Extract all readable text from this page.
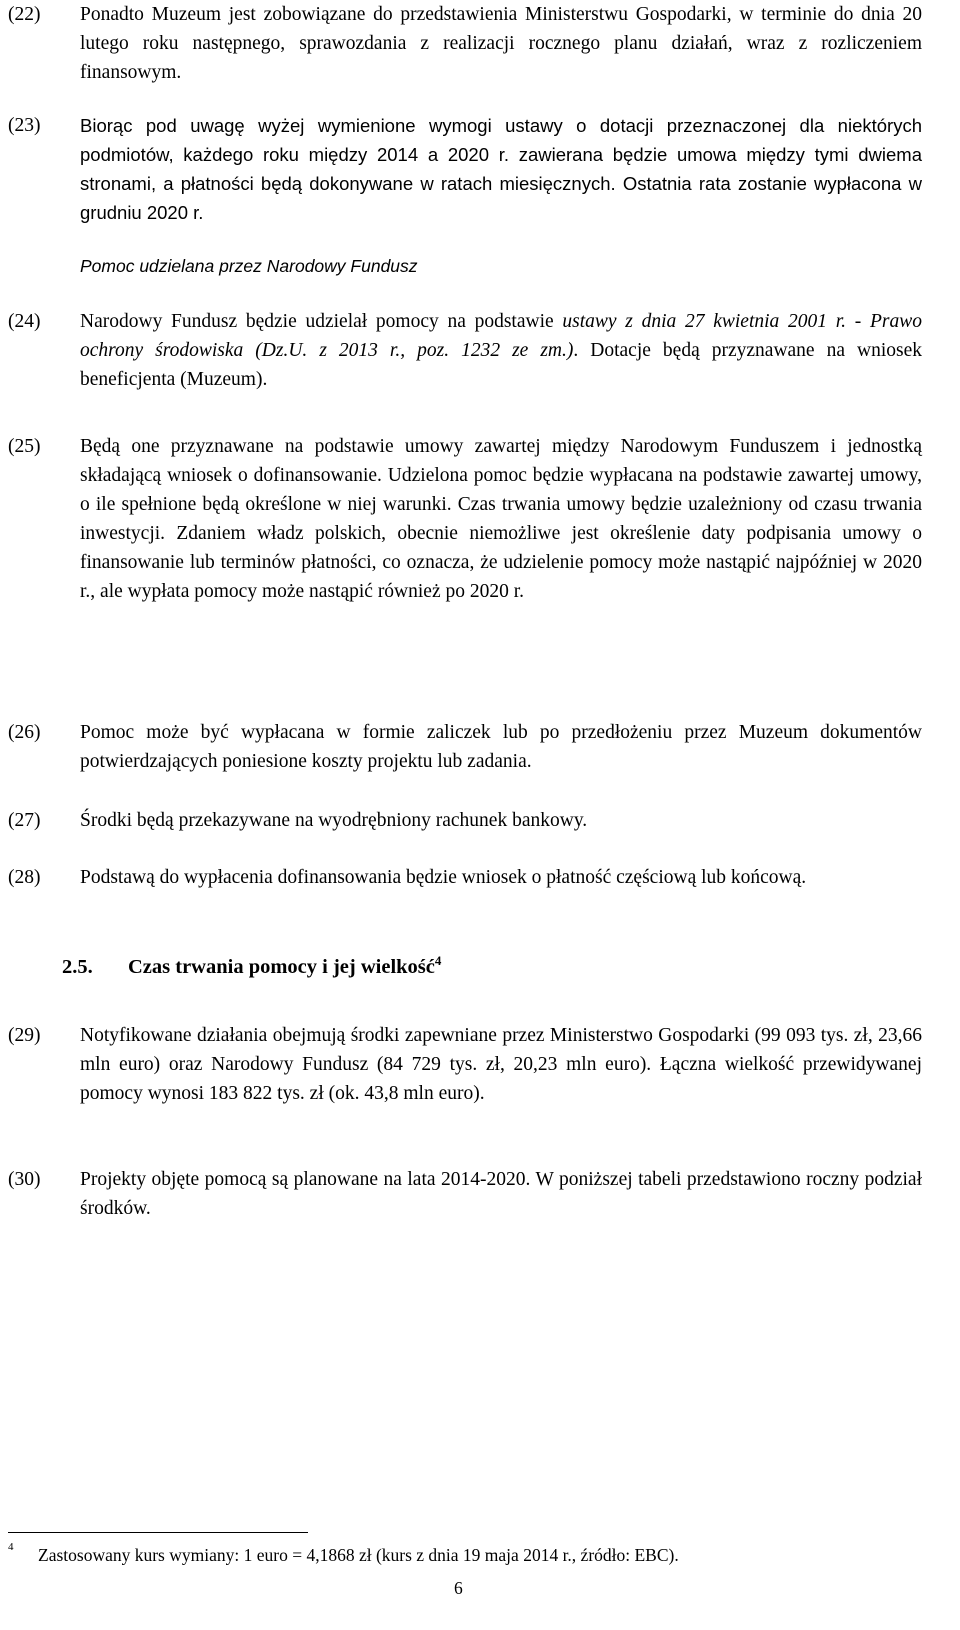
(22) Ponadto Muzeum jest zobowiązane do przedstawienia Ministerstwu Gospodarki, w terminie do dnia 20 lutego roku następnego, sprawozdania z realizacji rocznego planu działań, wraz z rozliczeniem finansowym.
(23) Biorąc pod uwagę wyżej wymienione wymogi ustawy o dotacji przeznaczonej dla niektórych podmiotów, każdego roku między 2014 a 2020 r. zawierana będzie umowa między tymi dwiema stronami, a płatności będą dokonywane w ratach miesięcznych. Ostatnia rata zostanie wypłacona w grudniu 2020 r.
Pomoc udzielana przez Narodowy Fundusz
(24) Narodowy Fundusz będzie udzielał pomocy na podstawie ustawy z dnia 27 kwietnia 2001 r. - Prawo ochrony środowiska (Dz.U. z 2013 r., poz. 1232 ze zm.). Dotacje będą przyznawane na wniosek beneficjenta (Muzeum).
(25) Będą one przyznawane na podstawie umowy zawartej między Narodowym Funduszem i jednostką składającą wniosek o dofinansowanie. Udzielona pomoc będzie wypłacana na podstawie zawartej umowy, o ile spełnione będą określone w niej warunki. Czas trwania umowy będzie uzależniony od czasu trwania inwestycji. Zdaniem władz polskich, obecnie niemożliwe jest określenie daty podpisania umowy o finansowanie lub terminów płatności, co oznacza, że udzielenie pomocy może nastąpić najpóźniej w 2020 r., ale wypłata pomocy może nastąpić również po 2020 r.
(26) Pomoc może być wypłacana w formie zaliczek lub po przedłożeniu przez Muzeum dokumentów potwierdzających poniesione koszty projektu lub zadania.
(27) Środki będą przekazywane na wyodrębniony rachunek bankowy.
(28) Podstawą do wypłacenia dofinansowania będzie wniosek o płatność częściową lub końcową.
2.5. Czas trwania pomocy i jej wielkość$^4$
(29) Notyfikowane działania obejmują środki zapewniane przez Ministerstwo Gospodarki (99 093 tys. zł, 23,66 mln euro) oraz Narodowy Fundusz (84 729 tys. zł, 20,23 mln euro). Łączna wielkość przewidywanej pomocy wynosi 183 822 tys. zł (ok. 43,8 mln euro).
(30) Projekty objęte pomocą są planowane na lata 2014-2020. W poniższej tabeli przedstawiono roczny podział środków.
$^4$ Zastosowany kurs wymiany: 1 euro = 4,1868 zł (kurs z dnia 19 maja 2014 r., źródło: EBC).
6
